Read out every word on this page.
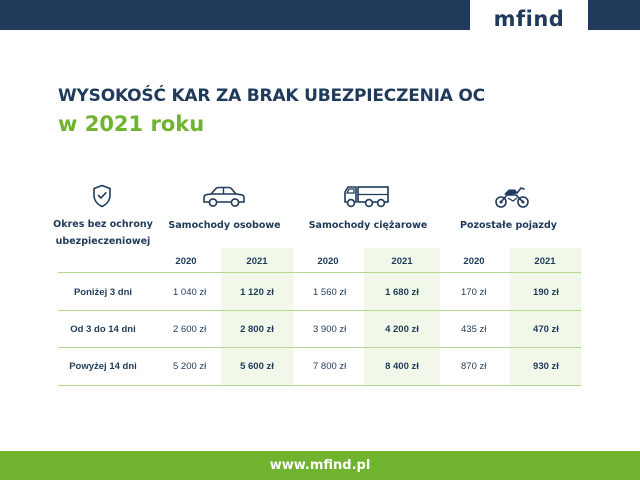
mfind
WYSOKOŚĆ KAR ZA BRAK UBEZPIECZENIA OC
w 2021 roku
Okres bez ochrony
ubezpieczeniowej
Samochody osobowe	Samochody ciężarowe	Pozostałe pojazdy
2020	2021	2020	2021	2020	2021
Poniżej 3 dni	1 040 zł	1 120 zł	1 560 zł	1 680 zł	170 zł	190 zł
Od 3 do 14 dni	2 600 zł	2 800 zł	3 900 zł	4 200 zł	435 zł	470 zł
Powyżej 14 dni	5 200 zł	5 600 zł	7 800 zł	8 400 zł	870 zł	930 zł
www.mfind.pl
